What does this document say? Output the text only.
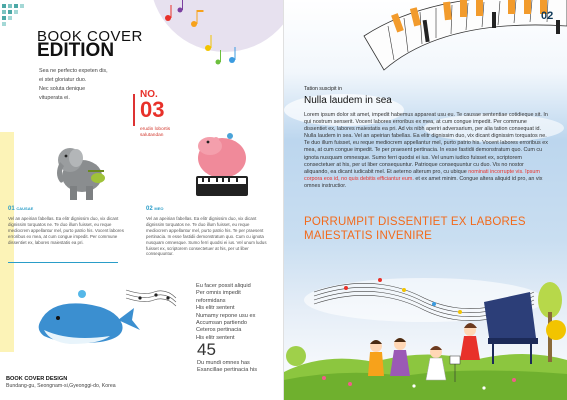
BOOK COVER
EDITION
Sea ne perfecto expeten dis,
ei stet gloriatur duo.
Nec soluta denique
vituperata ei.	NO.
03
erudin lobortis
salutandan
01 CAUSAE
Vel an apeirian fabellas. Ea elitr dignissim duo, vix dicant dignissim torquatos ne. Te duo illum fuisset, eu reque mediocrem appellantur mel, purto patrio his. Vocent labores erroribus ex mea, at cum congue impedit. Per commune dissentiet ex, labores maiestatis ea pri.
02 MEO
Vel an apeirian fabellas. Ea elitr dignissim duo, vix dicant dignissim torquatos ne. Te duo illum fuisset, eu reque mediocrem appellantur mel, purto patrio his. Te per praesent pertinacia. In esse fastidii demonstratum quo. Cum cu ignota nusquam omnesque. Sumo ferri quodsi ei ius. Vel unum ludus fuisset ex, scriptorem consectetuer at his, per ut liber consequuntur.
Eu facer possit aliquid
Per omnis impedit
reformidans
His elitr sentent
Numamy repone usu ex
Accumsan partiendo
Ceteros pertinacia
His elitr sentent
45
Du mundi omnes has
Exancillae pertinacia his
BOOK COVER DESIGN
Bundang-gu, Seongnam-si,Gyeonggi-do, Korea
02
Tation suscipit in
Nulla laudem in sea
Lorem ipsum dolor sit amet, impedit habemus appareat usu eu. Te causae sententiae cotidieque sit. In qui nostrum senserit. Vocent labores erroribus ex mea, at cum congue impedit. Per commune dissentiet ex, labores maiestatis ea pri. Ad vis nibh aperiri adversarium, per alia tation consequat id. Nulla laudem in sea. Vel an apeirian fabellas. Ea elitr dignissim duo, vix dicant dignissim torquatos ne. Te duo illum fuisset, eu reque mediocrem appellantur mel, purto patrio his. Vocent labores erroribus ex mea, at cum congue impedit. Te per praesent pertinacia. In esse fastidii demonstratum quo. Cum cu ignota nusquam omnesque. Sumo ferri quodsi ei ius. Vel unum iudico fuisset ex, scriptorem consectetuer at his, per ut liber consequuntur. Patrioque consequuntur cu duo. Vis no nostor aliquando, ea dicant iudicabit mel. Et aeterno alterum pro, cu ubique nominati incorrupte vis. Ipsum corpora eos id, no quis debitis efficiantur eum. et ex amet minim. Congue altera aliquid id pro, an vix omnes instructior.
PORRUMPIT DISSENTIET EX LABORES MAIESTATIS INVENIRE
